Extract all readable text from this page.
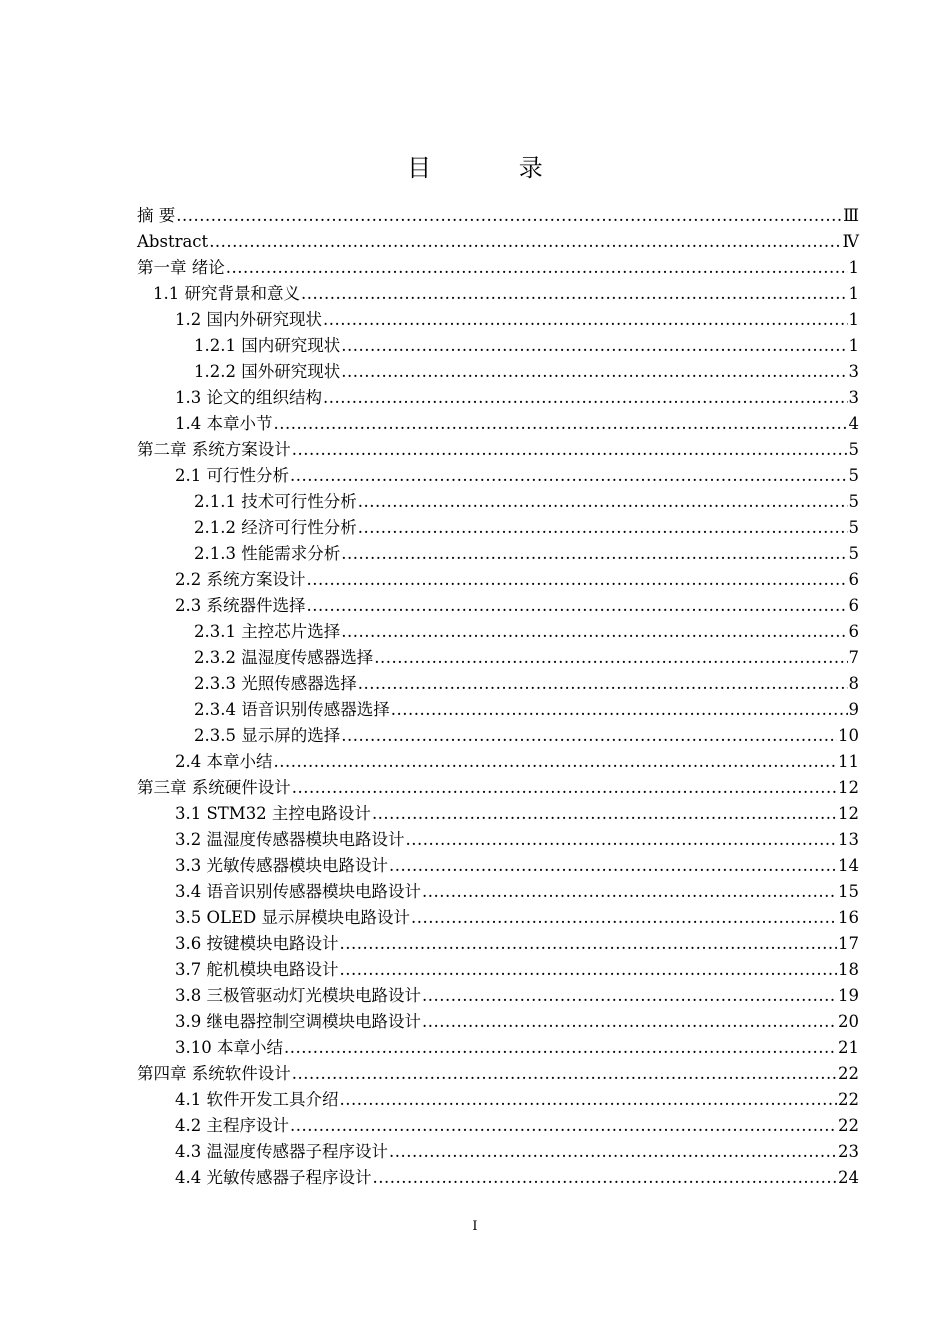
目 录
摘 要 .....	Ⅲ
Abstract .....	Ⅳ
第一章 绪论 .....	1
1.1 研究背景和意义 .....	1
1.2 国内外研究现状 .....	1
1.2.1 国内研究现状 .....	1
1.2.2 国外研究现状 .....	3
1.3 论文的组织结构 .....	3
1.4 本章小节 .....	4
第二章 系统方案设计 .....	5
2.1 可行性分析 .....	5
2.1.1 技术可行性分析 .....	5
2.1.2 经济可行性分析 .....	5
2.1.3 性能需求分析 .....	5
2.2 系统方案设计 .....	6
2.3 系统器件选择 .....	6
2.3.1 主控芯片选择 .....	6
2.3.2 温湿度传感器选择 .....	7
2.3.3 光照传感器选择 .....	8
2.3.4 语音识别传感器选择 .....	9
2.3.5 显示屏的选择 .....	10
2.4 本章小结 .....	11
第三章 系统硬件设计 .....	12
3.1 STM32 主控电路设计 .....	12
3.2 温湿度传感器模块电路设计 .....	13
3.3 光敏传感器模块电路设计 .....	14
3.4 语音识别传感器模块电路设计 .....	15
3.5 OLED 显示屏模块电路设计 .....	16
3.6 按键模块电路设计 .....	17
3.7 舵机模块电路设计 .....	18
3.8 三极管驱动灯光模块电路设计 .....	19
3.9 继电器控制空调模块电路设计 .....	20
3.10 本章小结 .....	21
第四章 系统软件设计 .....	22
4.1 软件开发工具介绍 .....	22
4.2 主程序设计 .....	22
4.3 温湿度传感器子程序设计 .....	23
4.4 光敏传感器子程序设计 .....	24
I
